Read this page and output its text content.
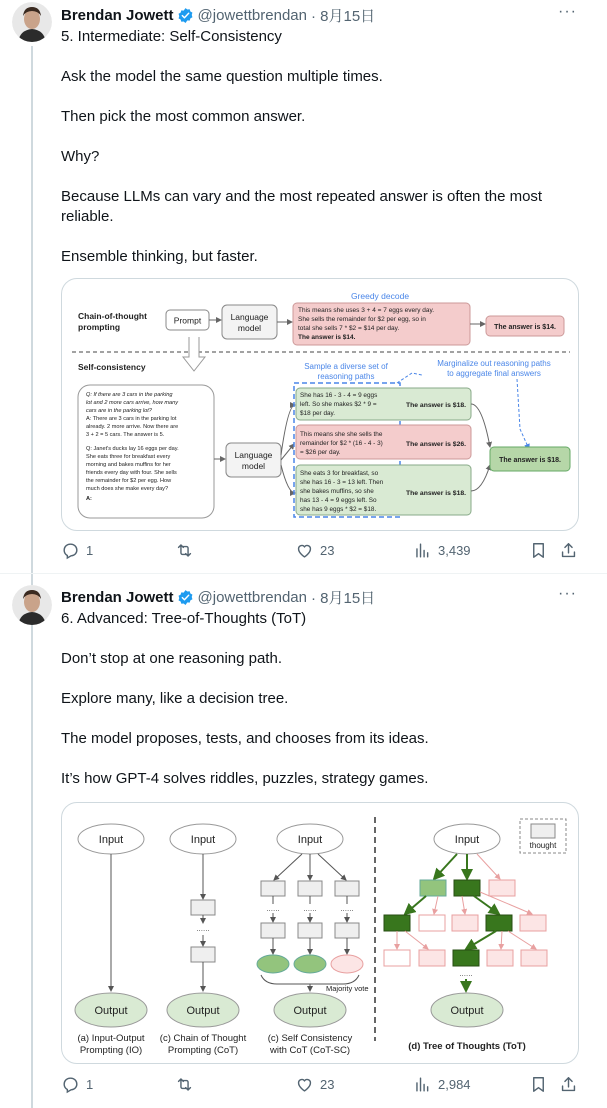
Brendan Jowett @jowettbrendan · 8月15日	···

5. Intermediate: Self-Consistency

Ask the model the same question multiple times.

Then pick the most common answer.

Why?

Because LLMs can vary and the most repeated answer is often the most reliable.

Ensemble thinking, but faster.

Chain-of-thought
prompting
Prompt	Language
model
Greedy decode
This means she uses 3 + 4 = 7 eggs every day.
She sells the remainder for $2 per egg, so in
total she sells 7 * $2 = $14 per day.
The answer is $14.
The answer is $14.
Self-consistency	Sample a diverse set of
reasoning paths
Marginalize out reasoning paths
to aggregate final answers
Q: If there are 3 cars in the parking
lot and 2 more cars arrive, how many
cars are in the parking lot?
A: There are 3 cars in the parking lot
already. 2 more arrive. Now there are
3 + 2 = 5 cars. The answer is 5.
Q: Janet's ducks lay 16 eggs per day.
She eats three for breakfast every
morning and bakes muffins for her
friends every day with four. She sells
the remainder for $2 per egg. How
much does she make every day?
A:
Language
model
She has 16 - 3 - 4 = 9 eggs
left. So she makes $2 * 9 =
$18 per day.
The answer is $18.
This means she she sells the
remainder for $2 * (16 - 4 - 3)
= $26 per day.
The answer is $26.
She eats 3 for breakfast, so
she has 16 - 3 = 13 left. Then
she bakes muffins, so she
has 13 - 4 = 9 eggs left. So
she has 9 eggs * $2 = $18.
The answer is $18.
The answer is $18.
1	23	3,439
Brendan Jowett @jowettbrendan · 8月15日	···

6. Advanced: Tree-of-Thoughts (ToT)

Don’t stop at one reasoning path.

Explore many, like a decision tree.

The model proposes, tests, and chooses from its ideas.

It’s how GPT-4 solves riddles, puzzles, strategy games.

Input
Output
(a) Input-Output
Prompting (IO)
Input
......
Output
(c) Chain of Thought
Prompting (CoT)
Input
......	......	......
Majority vote
Output
(c) Self Consistency
with CoT (CoT-SC)
thought
Input
......
Output
(d) Tree of Thoughts (ToT)
1	23	2,984
